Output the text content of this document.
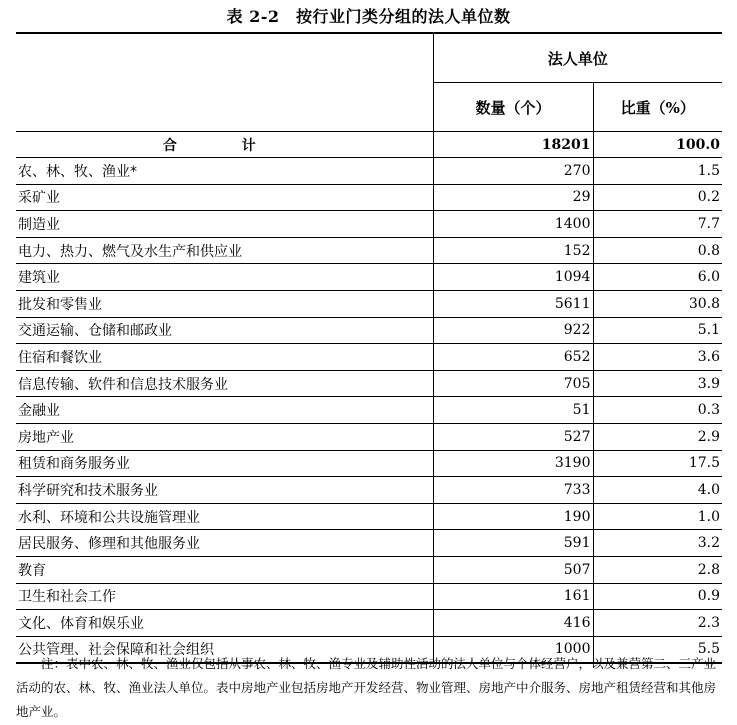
表 2-2　按行业门类分组的法人单位数
	法人单位	
	数量（个）	比重（%）
合 计	18201	100.0
农、林、牧、渔业*	270	1.5
采矿业	29	0.2
制造业	1400	7.7
电力、热力、燃气及水生产和供应业	152	0.8
建筑业	1094	6.0
批发和零售业	5611	30.8
交通运输、仓储和邮政业	922	5.1
住宿和餐饮业	652	3.6
信息传输、软件和信息技术服务业	705	3.9
金融业	51	0.3
房地产业	527	2.9
租赁和商务服务业	3190	17.5
科学研究和技术服务业	733	4.0
水利、环境和公共设施管理业	190	1.0
居民服务、修理和其他服务业	591	3.2
教育	507	2.8
卫生和社会工作	161	0.9
文化、体育和娱乐业	416	2.3
公共管理、社会保障和社会组织	1000	5.5
注：表中农、林、牧、渔业仅包括从事农、林、牧、渔专业及辅助性活动的法人单位与个体经营户，以及兼营第二、三产业活动的农、林、牧、渔业法人单位。表中房地产业包括房地产开发经营、物业管理、房地产中介服务、房地产租赁经营和其他房地产业。
